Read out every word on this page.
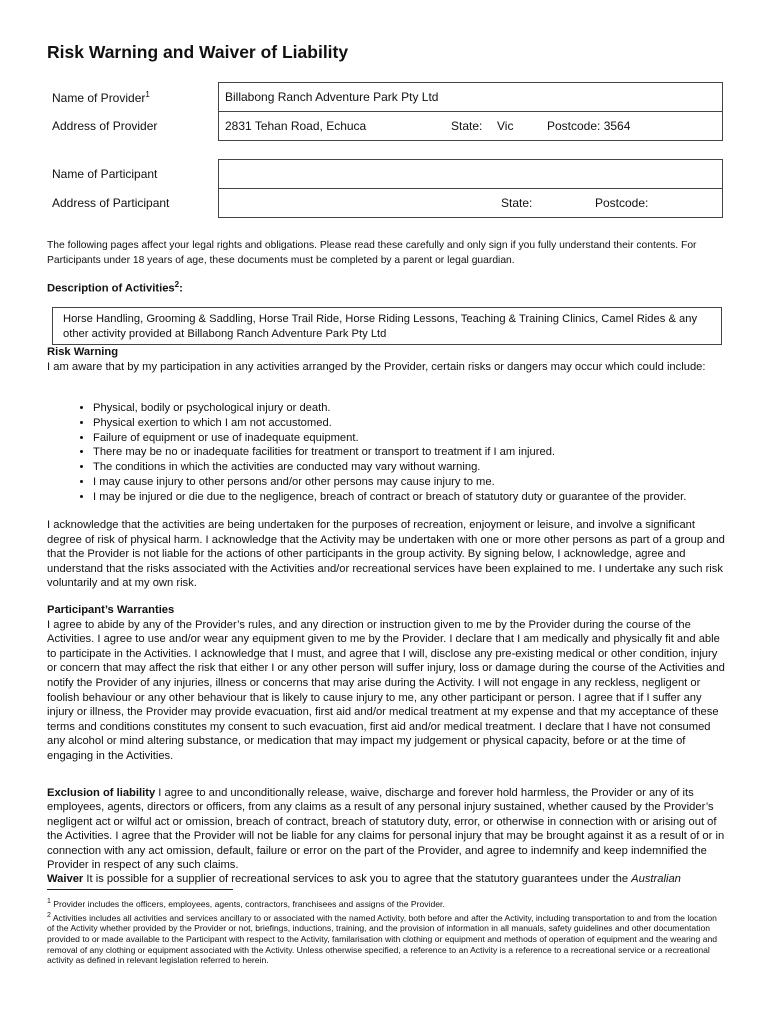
Risk Warning and Waiver of Liability
Name of Provider$^1$	Billabong Ranch Adventure Park Pty Ltd
Address of Provider	2831 Tehan Road, Echuca State: Vic Postcode: 3564
Name of Participant	
Address of Participant	State: Postcode:
The following pages affect your legal rights and obligations. Please read these carefully and only sign if you fully understand their contents. For Participants under 18 years of age, these documents must be completed by a parent or legal guardian.
Description of Activities$^2$:
Horse Handling, Grooming & Saddling, Horse Trail Ride, Horse Riding Lessons, Teaching & Training Clinics, Camel Rides & any other activity provided at Billabong Ranch Adventure Park Pty Ltd
Risk Warning
I am aware that by my participation in any activities arranged by the Provider, certain risks or dangers may occur which could include:
• Physical, bodily or psychological injury or death.
• Physical exertion to which I am not accustomed.
• Failure of equipment or use of inadequate equipment.
• There may be no or inadequate facilities for treatment or transport to treatment if I am injured.
• The conditions in which the activities are conducted may vary without warning.
• I may cause injury to other persons and/or other persons may cause injury to me.
• I may be injured or die due to the negligence, breach of contract or breach of statutory duty or guarantee of the provider.
I acknowledge that the activities are being undertaken for the purposes of recreation, enjoyment or leisure, and involve a significant degree of risk of physical harm. I acknowledge that the Activity may be undertaken with one or more other persons as part of a group and that the Provider is not liable for the actions of other participants in the group activity. By signing below, I acknowledge, agree and understand that the risks associated with the Activities and/or recreational services have been explained to me. I undertake any such risk voluntarily and at my own risk.
Participant’s Warranties
I agree to abide by any of the Provider’s rules, and any direction or instruction given to me by the Provider during the course of the Activities. I agree to use and/or wear any equipment given to me by the Provider. I declare that I am medically and physically fit and able to participate in the Activities. I acknowledge that I must, and agree that I will, disclose any pre-existing medical or other condition, injury or concern that may affect the risk that either I or any other person will suffer injury, loss or damage during the course of the Activities and notify the Provider of any injuries, illness or concerns that may arise during the Activity. I will not engage in any reckless, negligent or foolish behaviour or any other behaviour that is likely to cause injury to me, any other participant or person. I agree that if I suffer any injury or illness, the Provider may provide evacuation, first aid and/or medical treatment at my expense and that my acceptance of these terms and conditions constitutes my consent to such evacuation, first aid and/or medical treatment. I declare that I have not consumed any alcohol or mind altering substance, or medication that may impact my judgement or physical capacity, before or at the time of engaging in the Activities.
Exclusion of liability I agree to and unconditionally release, waive, discharge and forever hold harmless, the Provider or any of its employees, agents, directors or officers, from any claims as a result of any personal injury sustained, whether caused by the Provider’s negligent act or wilful act or omission, breach of contract, breach of statutory duty, error, or otherwise in connection with or arising out of the Activities. I agree that the Provider will not be liable for any claims for personal injury that may be brought against it as a result of or in connection with any act omission, default, failure or error on the part of the Provider, and agree to indemnify and keep indemnified the Provider in respect of any such claims.
Waiver It is possible for a supplier of recreational services to ask you to agree that the statutory guarantees under the Australian
$^1$ Provider includes the officers, employees, agents, contractors, franchisees and assigns of the Provider.
$^2$ Activities includes all activities and services ancillary to or associated with the named Activity, both before and after the Activity, including transportation to and from the location of the Activity whether provided by the Provider or not, briefings, inductions, training, and the provision of information in all manuals, safety guidelines and other documentation provided to or made available to the Participant with respect to the Activity, familarisation with clothing or equipment and methods of operation of equipment and the wearing and removal of any clothing or equipment associated with the Activity. Unless otherwise specified, a reference to an Activity is a reference to a recreational service or a recreational activity as defined in relevant legislation referred to herein.
